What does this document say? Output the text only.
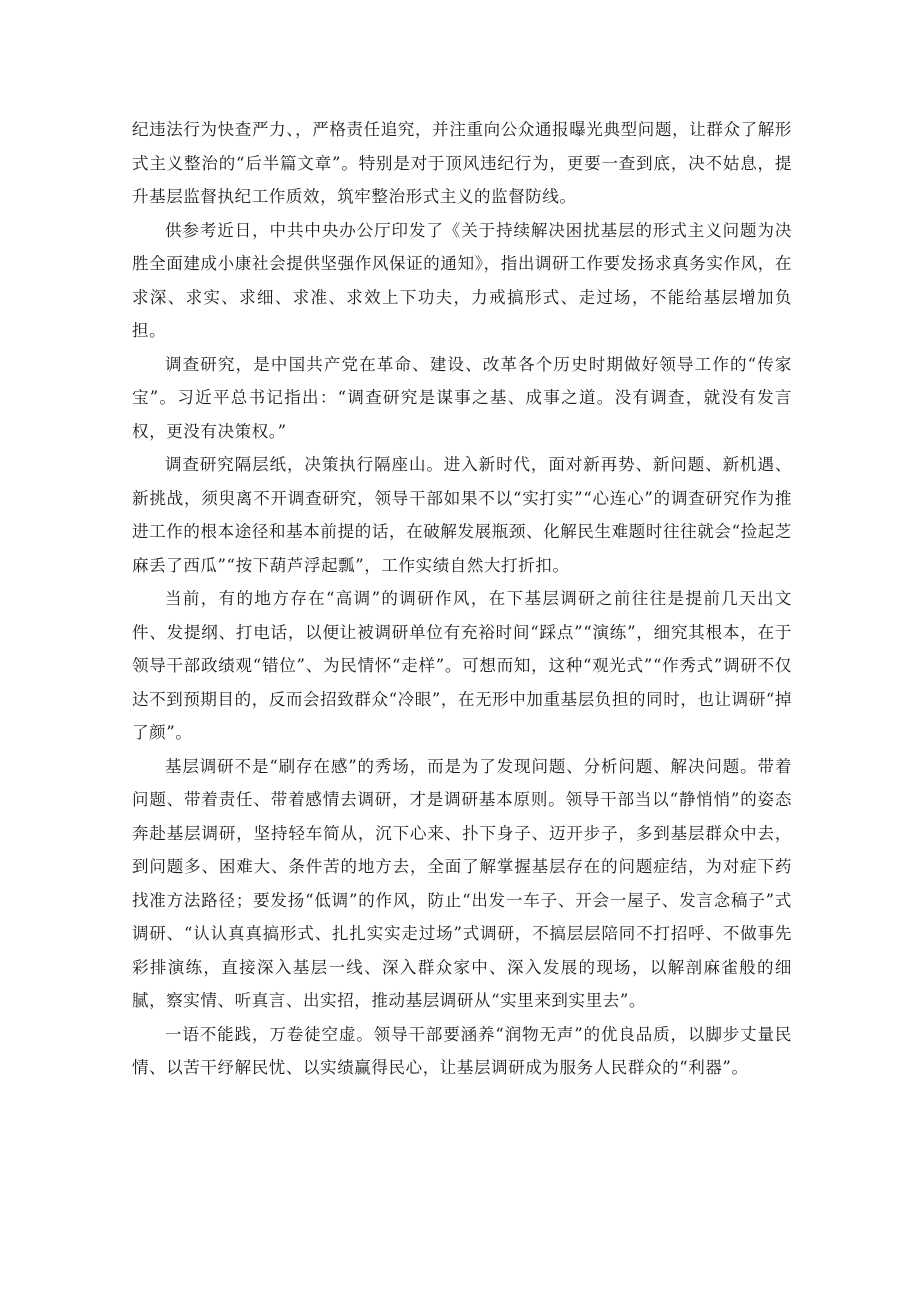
纪违法行为快查严力、，严格责任追究，并注重向公众通报曝光典型问题，让群众了解形式主义整治的“后半篇文章”。特别是对于顶风违纪行为，更要一查到底，决不姑息，提升基层监督执纪工作质效，筑牢整治形式主义的监督防线。

供参考近日，中共中央办公厅印发了《关于持续解决困扰基层的形式主义问题为决胜全面建成小康社会提供坚强作风保证的通知》，指出调研工作要发扬求真务实作风，在求深、求实、求细、求准、求效上下功夫，力戒搞形式、走过场，不能给基层增加负担。

调查研究，是中国共产党在革命、建设、改革各个历史时期做好领导工作的“传家宝”。习近平总书记指出：“调查研究是谋事之基、成事之道。没有调查，就没有发言权，更没有决策权。”

调查研究隔层纸，决策执行隔座山。进入新时代，面对新再势、新问题、新机遇、新挑战，须臾离不开调查研究，领导干部如果不以“实打实”“心连心”的调查研究作为推进工作的根本途径和基本前提的话，在破解发展瓶颈、化解民生难题时往往就会“捡起芝麻丢了西瓜”“按下葫芦浮起瓢”，工作实绩自然大打折扣。

当前，有的地方存在“高调”的调研作风，在下基层调研之前往往是提前几天出文件、发提纲、打电话，以便让被调研单位有充裕时间“踩点”“演练”，细究其根本，在于领导干部政绩观“错位”、为民情怀“走样”。可想而知，这种“观光式”“作秀式”调研不仅达不到预期目的，反而会招致群众“冷眼”，在无形中加重基层负担的同时，也让调研“掉了颜”。

基层调研不是“刷存在感”的秀场，而是为了发现问题、分析问题、解决问题。带着问题、带着责任、带着感情去调研，才是调研基本原则。领导干部当以“静悄悄”的姿态奔赴基层调研，坚持轻车简从，沉下心来、扑下身子、迈开步子，多到基层群众中去，到问题多、困难大、条件苦的地方去，全面了解掌握基层存在的问题症结，为对症下药找准方法路径；要发扬“低调”的作风，防止“出发一车子、开会一屋子、发言念稿子”式调研、“认认真真搞形式、扎扎实实走过场”式调研，不搞层层陪同不打招呼、不做事先彩排演练，直接深入基层一线、深入群众家中、深入发展的现场，以解剖麻雀般的细腻，察实情、听真言、出实招，推动基层调研从“实里来到实里去”。

一语不能践，万卷徒空虚。领导干部要涵养“润物无声”的优良品质，以脚步丈量民情、以苦干纾解民忧、以实绩赢得民心，让基层调研成为服务人民群众的“利器”。
